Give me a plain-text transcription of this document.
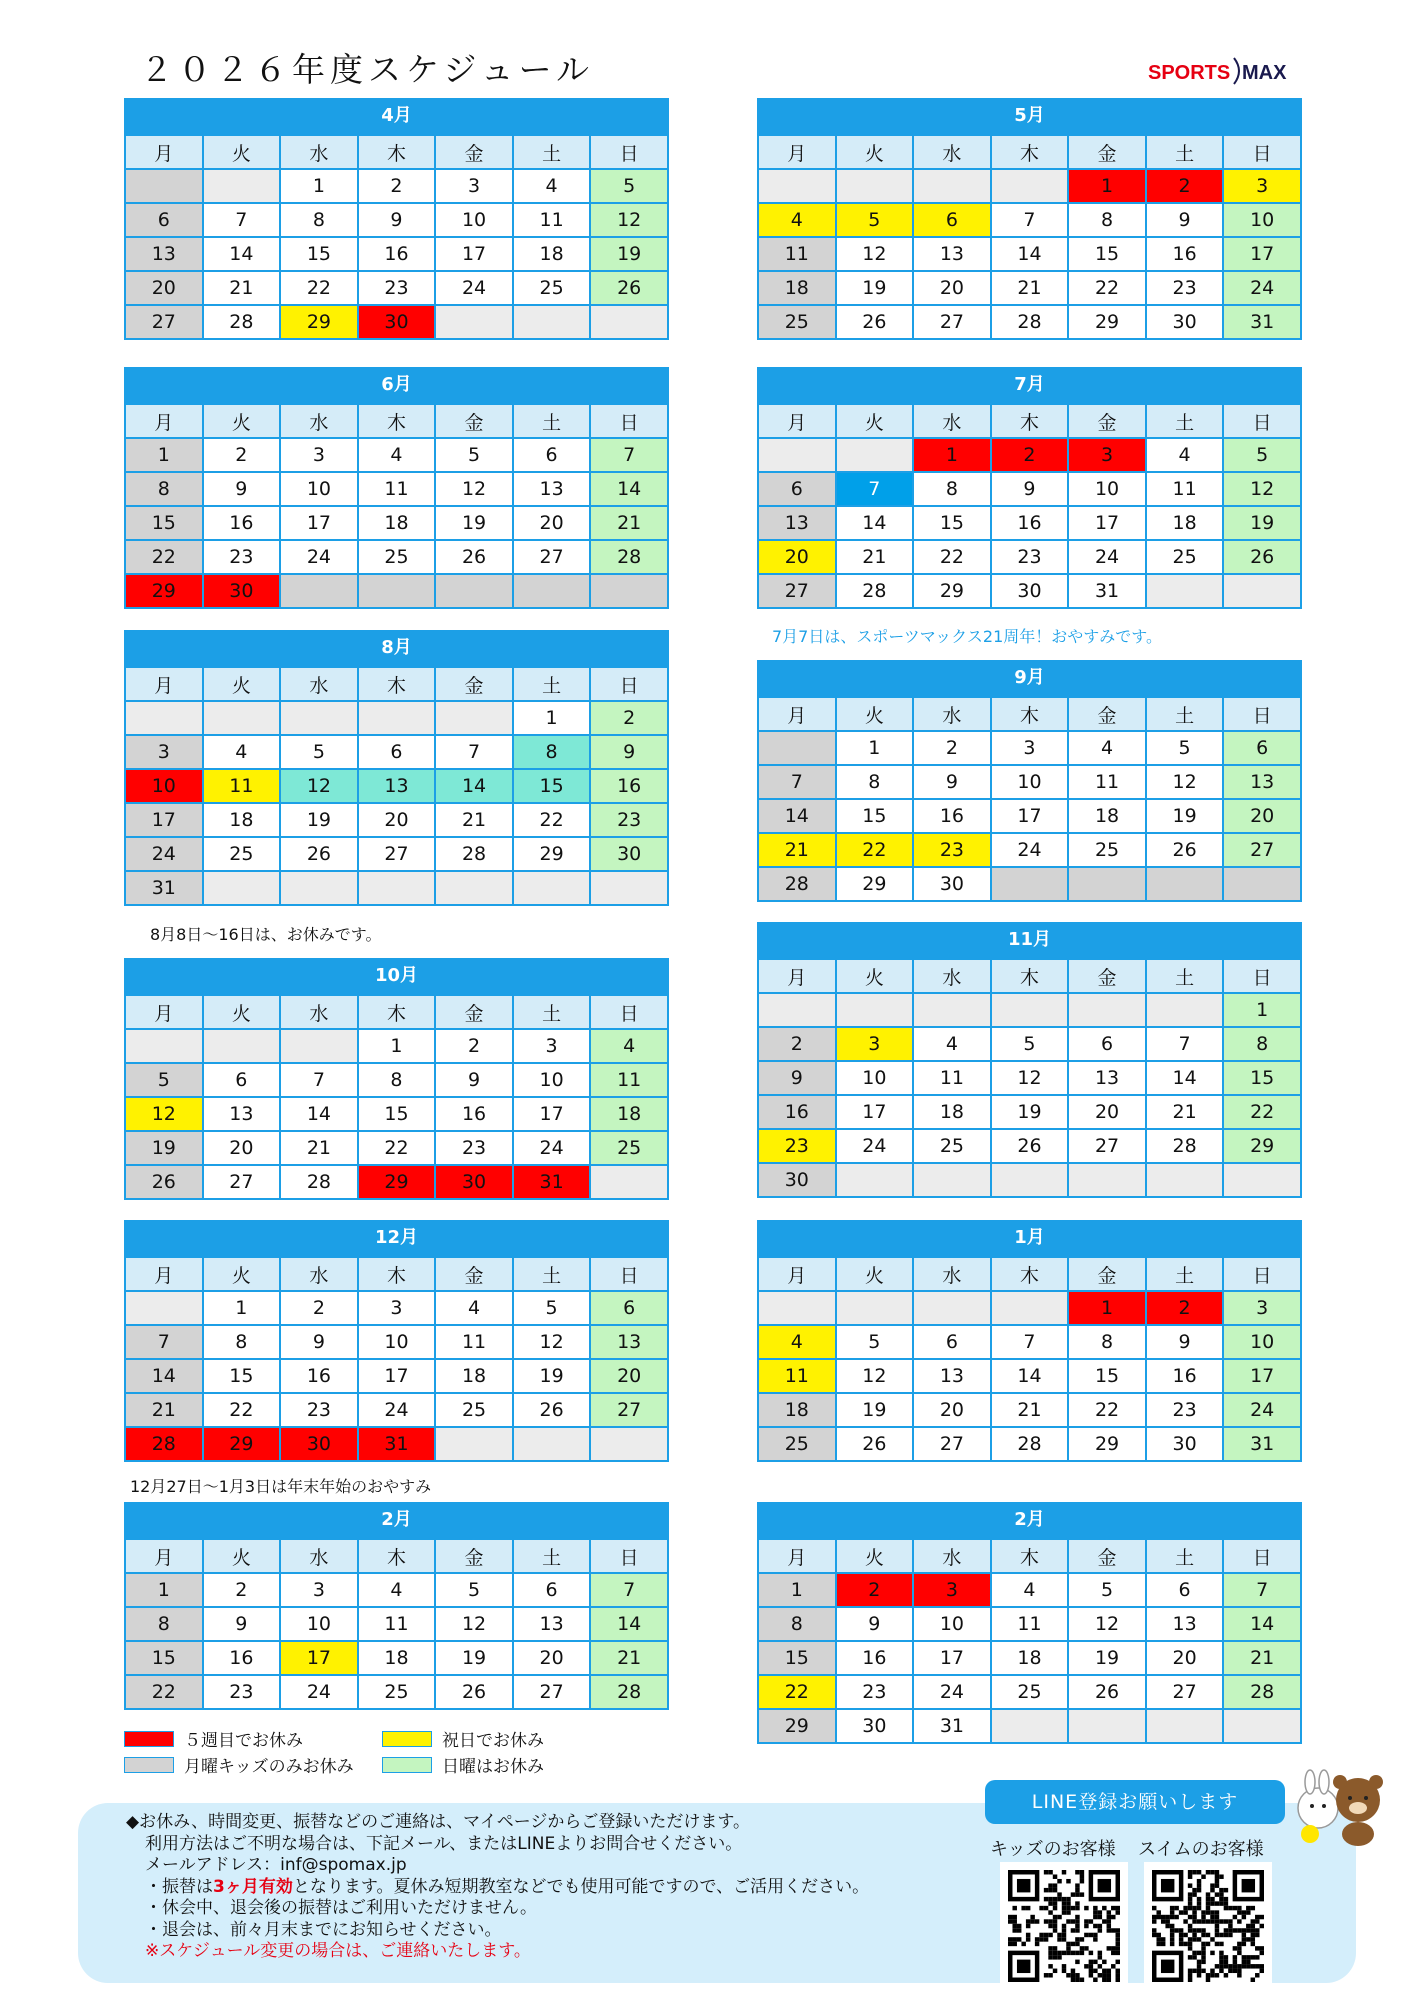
２０２６年度スケジュール	SPORTS MAX
4月
月	火	水	木	金	土	日
		1	2	3	4	5
6	7	8	9	10	11	12
13	14	15	16	17	18	19
20	21	22	23	24	25	26
27	28	29	30			
5月
月	火	水	木	金	土	日
				1	2	3
4	5	6	7	8	9	10
11	12	13	14	15	16	17
18	19	20	21	22	23	24
25	26	27	28	29	30	31
6月
月	火	水	木	金	土	日
1	2	3	4	5	6	7
8	9	10	11	12	13	14
15	16	17	18	19	20	21
22	23	24	25	26	27	28
29	30					
7月
月	火	水	木	金	土	日
		1	2	3	4	5
6	7	8	9	10	11	12
13	14	15	16	17	18	19
20	21	22	23	24	25	26
27	28	29	30	31		
8月
月	火	水	木	金	土	日
					1	2
3	4	5	6	7	8	9
10	11	12	13	14	15	16
17	18	19	20	21	22	23
24	25	26	27	28	29	30
31						
9月
月	火	水	木	金	土	日
	1	2	3	4	5	6
7	8	9	10	11	12	13
14	15	16	17	18	19	20
21	22	23	24	25	26	27
28	29	30				
10月
月	火	水	木	金	土	日
			1	2	3	4
5	6	7	8	9	10	11
12	13	14	15	16	17	18
19	20	21	22	23	24	25
26	27	28	29	30	31	
11月
月	火	水	木	金	土	日
						1
2	3	4	5	6	7	8
9	10	11	12	13	14	15
16	17	18	19	20	21	22
23	24	25	26	27	28	29
30						
12月
月	火	水	木	金	土	日
	1	2	3	4	5	6
7	8	9	10	11	12	13
14	15	16	17	18	19	20
21	22	23	24	25	26	27
28	29	30	31			
1月
月	火	水	木	金	土	日
				1	2	3
4	5	6	7	8	9	10
11	12	13	14	15	16	17
18	19	20	21	22	23	24
25	26	27	28	29	30	31
2月
月	火	水	木	金	土	日
1	2	3	4	5	6	7
8	9	10	11	12	13	14
15	16	17	18	19	20	21
22	23	24	25	26	27	28
2月
月	火	水	木	金	土	日
1	2	3	4	5	6	7
8	9	10	11	12	13	14
15	16	17	18	19	20	21
22	23	24	25	26	27	28
29	30	31				
7月7日は、スポーツマックス21周年！おやすみです。
8月8日〜16日は、お休みです。
12月27日〜1月3日は年末年始のおやすみ
５週目でお休み	祝日でお休み
月曜キッズのみお休み	日曜はお休み
◆お休み、時間変更、振替などのご連絡は、マイページからご登録いただけます。
利用方法はご不明な場合は、下記メール、またはLINEよりお問合せください。
メールアドレス：inf@spomax.jp
・振替は3ヶ月有効となります。夏休み短期教室などでも使用可能ですので、ご活用ください。
・休会中、退会後の振替はご利用いただけません。
・退会は、前々月末までにお知らせください。
※スケジュール変更の場合は、ご連絡いたします。
LINE登録お願いします
キッズのお客様 スイムのお客様
